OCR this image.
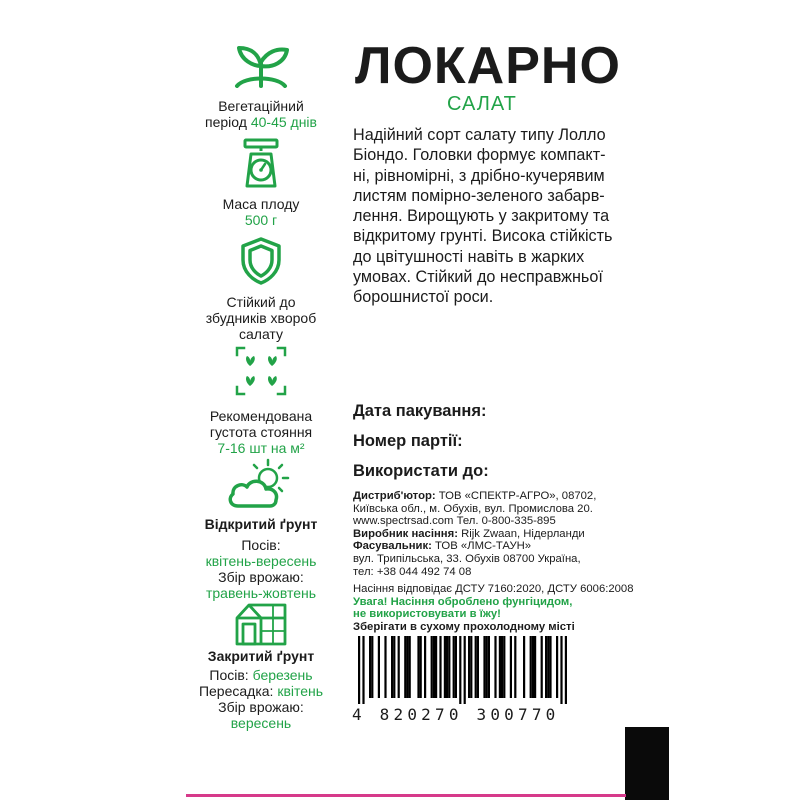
Вегетаційний
період 40-45 днів
Маса плоду
500 г
Стійкий до
збудників хвороб
салату
Рекомендована
густота стояння
7-16 шт на м²
Відкритий ґрунт
Посів:
квітень-вересень
Збір врожаю:
травень-жовтень
Закритий ґрунт
Посів: березень
Пересадка: квітень
Збір врожаю:
вересень
ЛОКАРНО
САЛАТ
Надійний сорт салату типу Лолло
Біондо. Головки формує компакт-
ні, рівномірні, з дрібно-кучерявим
листям помірно-зеленого забарв-
лення. Вирощують у закритому та
відкритому грунті. Висока стійкість
до цвітушності навіть в жарких
умовах. Стійкий до несправжньої
борошнистої роси.
Дата пакування:
Номер партії:
Використати до:
Дистриб'ютор: ТОВ «СПЕКТР-АГРО», 08702,
Київська обл., м. Обухів, вул. Промислова 20.
www.spectrsad.com Тел. 0-800-335-895
Виробник насіння: Rijk Zwaan, Нідерланди
Фасувальник: ТОВ «ЛМС-ТАУН»
вул. Трипільська, 33. Обухів 08700 Україна,
тел: +38 044 492 74 08
Насіння відповідає ДСТУ 7160:2020, ДСТУ 6006:2008
Увага! Насіння оброблено фунгіцидом,
не використовувати в їжу!
Зберігати в сухому прохолодному місті
4 820270 300770
